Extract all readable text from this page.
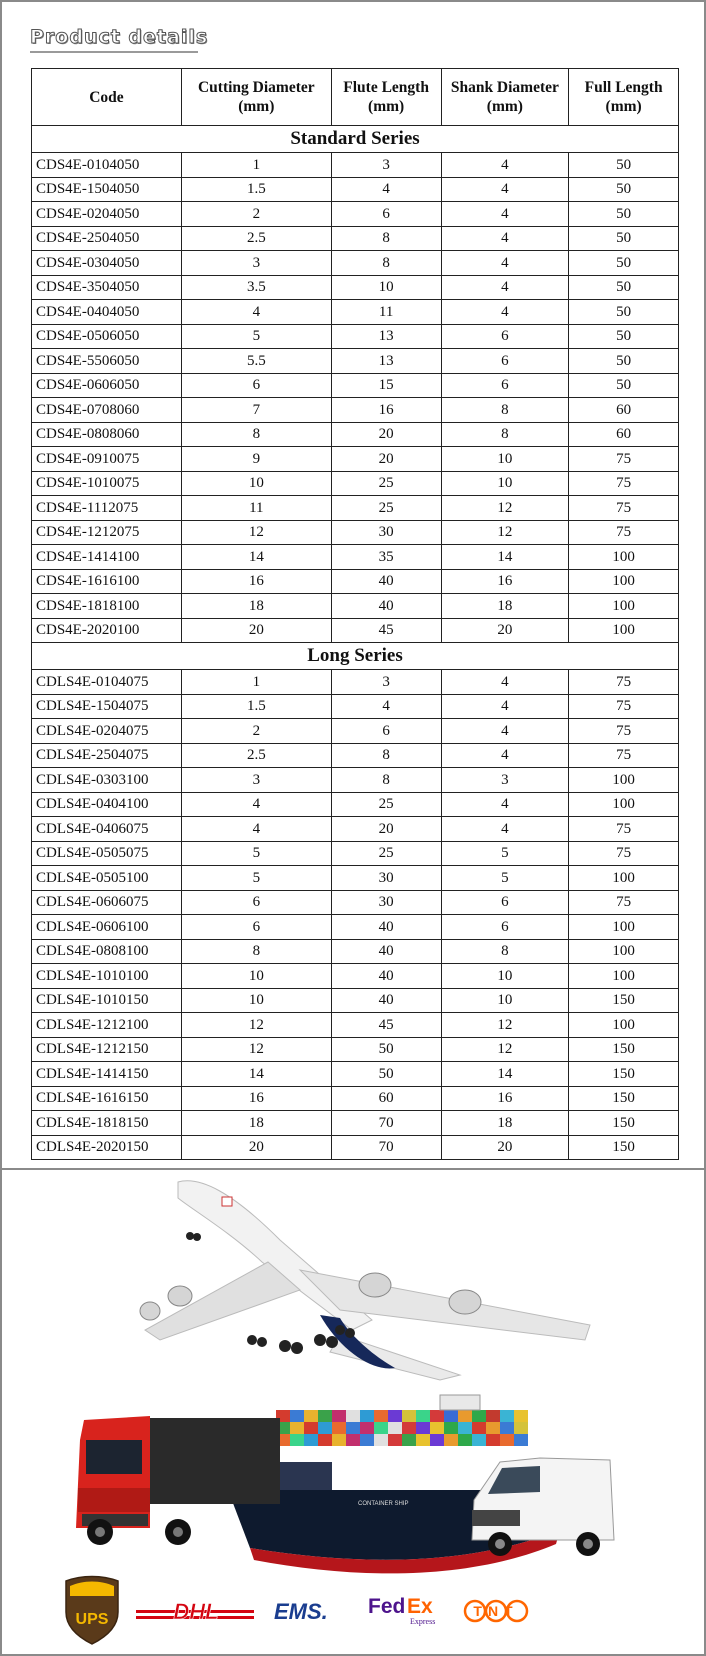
Product details
Code	Cutting Diameter (mm)	Flute Length (mm)	Shank Diameter (mm)	Full Length (mm)
Standard Series				
CDS4E-0104050	1	3	4	50
CDS4E-1504050	1.5	4	4	50
CDS4E-0204050	2	6	4	50
CDS4E-2504050	2.5	8	4	50
CDS4E-0304050	3	8	4	50
CDS4E-3504050	3.5	10	4	50
CDS4E-0404050	4	11	4	50
CDS4E-0506050	5	13	6	50
CDS4E-5506050	5.5	13	6	50
CDS4E-0606050	6	15	6	50
CDS4E-0708060	7	16	8	60
CDS4E-0808060	8	20	8	60
CDS4E-0910075	9	20	10	75
CDS4E-1010075	10	25	10	75
CDS4E-1112075	11	25	12	75
CDS4E-1212075	12	30	12	75
CDS4E-1414100	14	35	14	100
CDS4E-1616100	16	40	16	100
CDS4E-1818100	18	40	18	100
CDS4E-2020100	20	45	20	100
Long Series				
CDLS4E-0104075	1	3	4	75
CDLS4E-1504075	1.5	4	4	75
CDLS4E-0204075	2	6	4	75
CDLS4E-2504075	2.5	8	4	75
CDLS4E-0303100	3	8	3	100
CDLS4E-0404100	4	25	4	100
CDLS4E-0406075	4	20	4	75
CDLS4E-0505075	5	25	5	75
CDLS4E-0505100	5	30	5	100
CDLS4E-0606075	6	30	6	75
CDLS4E-0606100	6	40	6	100
CDLS4E-0808100	8	40	8	100
CDLS4E-1010100	10	40	10	100
CDLS4E-1010150	10	40	10	150
CDLS4E-1212100	12	45	12	100
CDLS4E-1212150	12	50	12	150
CDLS4E-1414150	14	50	14	150
CDLS4E-1616150	16	60	16	150
CDLS4E-1818150	18	70	18	150
CDLS4E-2020150	20	70	20	150
CONTAINER SHIP
UPS	DHL	EMS. Fed Ex
Express
TNT
